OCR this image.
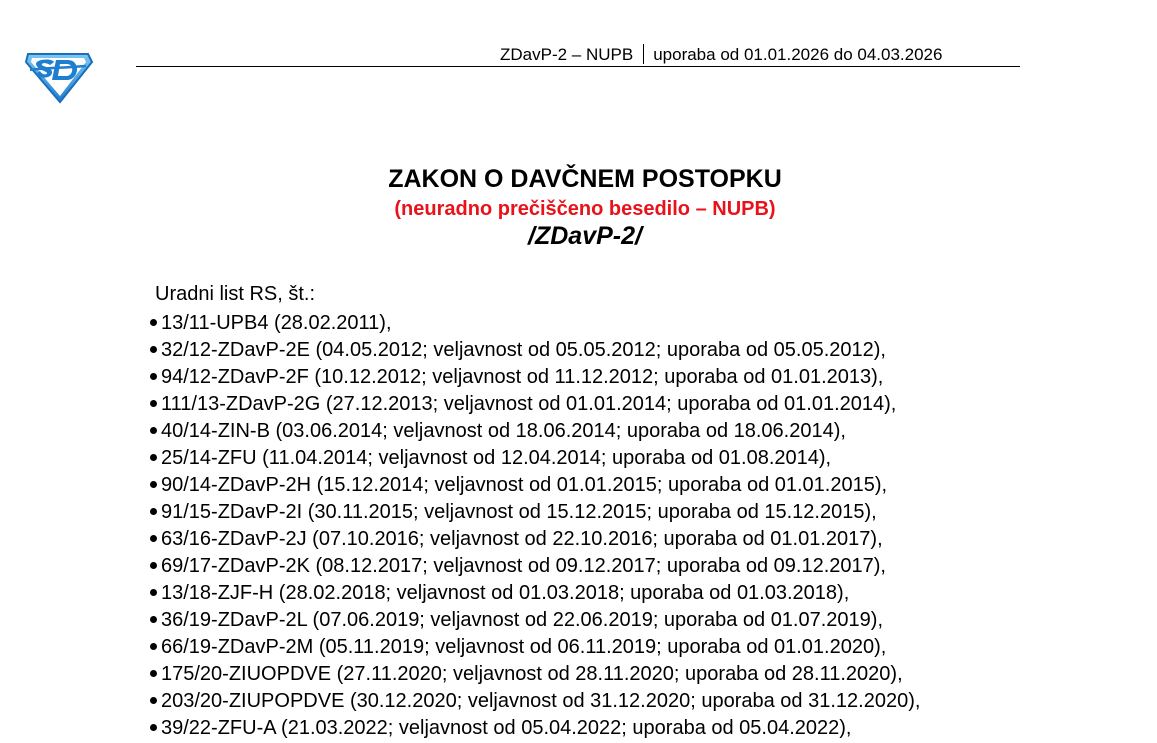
ZDavP-2 – NUPB uporaba od 01.01.2026 do 04.03.2026
ZAKON O DAVČNEM POSTOPKU
(neuradno prečiščeno besedilo – NUPB)
/ZDavP-2/
Uradni list RS, št.:
13/11-UPB4 (28.02.2011),
32/12-ZDavP-2E (04.05.2012; veljavnost od 05.05.2012; uporaba od 05.05.2012),
94/12-ZDavP-2F (10.12.2012; veljavnost od 11.12.2012; uporaba od 01.01.2013),
111/13-ZDavP-2G (27.12.2013; veljavnost od 01.01.2014; uporaba od 01.01.2014),
40/14-ZIN-B (03.06.2014; veljavnost od 18.06.2014; uporaba od 18.06.2014),
25/14-ZFU (11.04.2014; veljavnost od 12.04.2014; uporaba od 01.08.2014),
90/14-ZDavP-2H (15.12.2014; veljavnost od 01.01.2015; uporaba od 01.01.2015),
91/15-ZDavP-2I (30.11.2015; veljavnost od 15.12.2015; uporaba od 15.12.2015),
63/16-ZDavP-2J (07.10.2016; veljavnost od 22.10.2016; uporaba od 01.01.2017),
69/17-ZDavP-2K (08.12.2017; veljavnost od 09.12.2017; uporaba od 09.12.2017),
13/18-ZJF-H (28.02.2018; veljavnost od 01.03.2018; uporaba od 01.03.2018),
36/19-ZDavP-2L (07.06.2019; veljavnost od 22.06.2019; uporaba od 01.07.2019),
66/19-ZDavP-2M (05.11.2019; veljavnost od 06.11.2019; uporaba od 01.01.2020),
175/20-ZIUOPDVE (27.11.2020; veljavnost od 28.11.2020; uporaba od 28.11.2020),
203/20-ZIUPOPDVE (30.12.2020; veljavnost od 31.12.2020; uporaba od 31.12.2020),
39/22-ZFU-A (21.03.2022; veljavnost od 05.04.2022; uporaba od 05.04.2022),
